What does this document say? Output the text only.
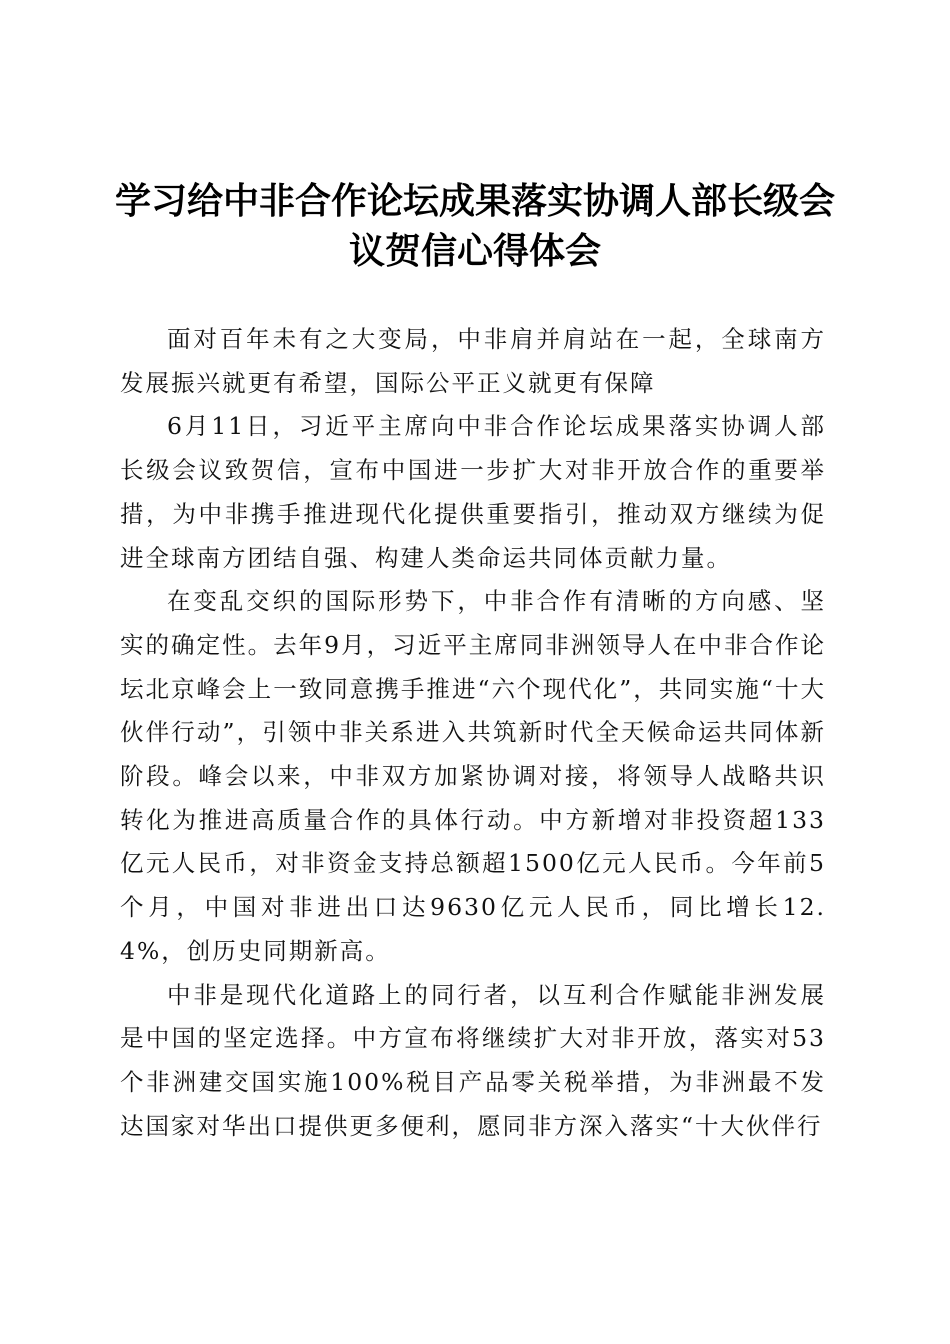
学习给中非合作论坛成果落实协调人部长级会议贺信心得体会

面对百年未有之大变局，中非肩并肩站在一起，全球南方发展振兴就更有希望，国际公平正义就更有保障

6月11日，习近平主席向中非合作论坛成果落实协调人部长级会议致贺信，宣布中国进一步扩大对非开放合作的重要举措，为中非携手推进现代化提供重要指引，推动双方继续为促进全球南方团结自强、构建人类命运共同体贡献力量。

在变乱交织的国际形势下，中非合作有清晰的方向感、坚实的确定性。去年9月，习近平主席同非洲领导人在中非合作论坛北京峰会上一致同意携手推进“六个现代化”，共同实施“十大伙伴行动”，引领中非关系进入共筑新时代全天候命运共同体新阶段。峰会以来，中非双方加紧协调对接，将领导人战略共识转化为推进高质量合作的具体行动。中方新增对非投资超133亿元人民币，对非资金支持总额超1500亿元人民币。今年前5个月，中国对非进出口达9630亿元人民币，同比增长12.4%，创历史同期新高。

中非是现代化道路上的同行者，以互利合作赋能非洲发展是中国的坚定选择。中方宣布将继续扩大对非开放，落实对53个非洲建交国实施100%税目产品零关税举措，为非洲最不发达国家对华出口提供更多便利，愿同非方深入落实“十大伙伴行
